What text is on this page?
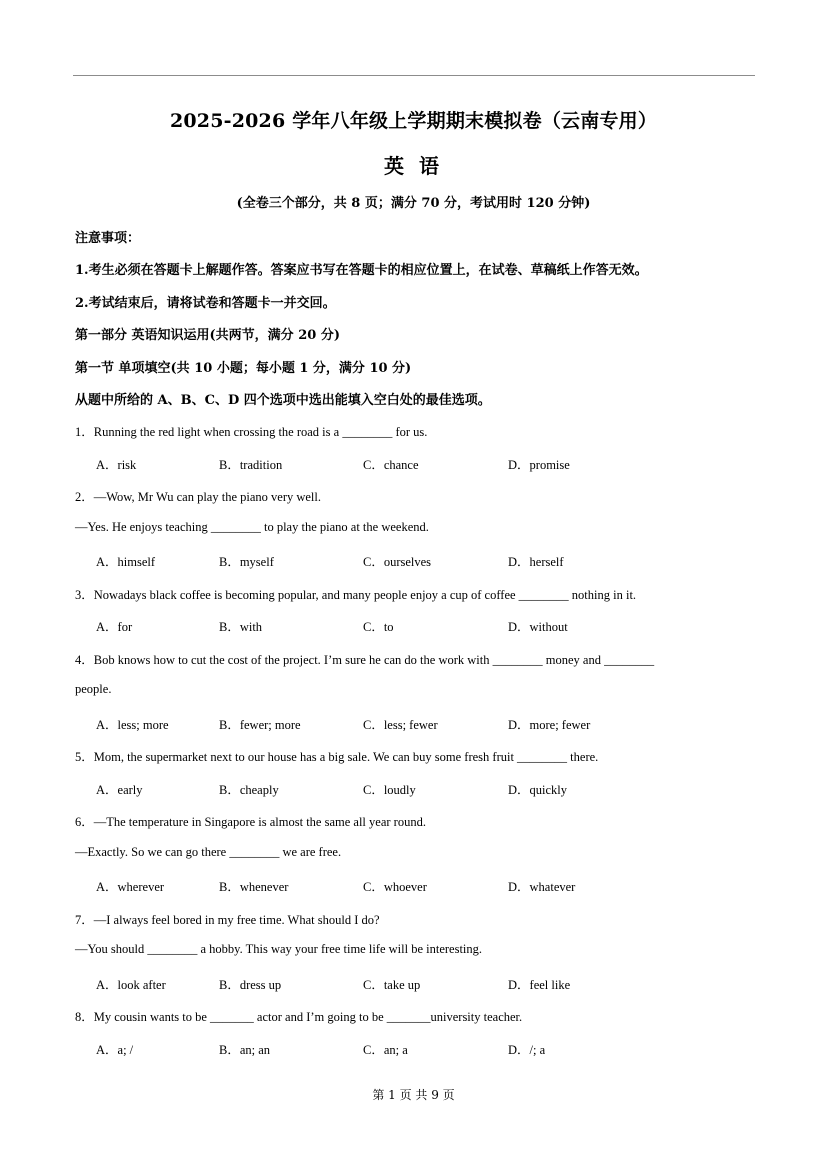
2025-2026 学年八年级上学期期末模拟卷（云南专用）
英 语
(全卷三个部分，共 8 页；满分 70 分，考试用时 120 分钟)
注意事项：
1.考生必须在答题卡上解题作答。答案应书写在答题卡的相应位置上，在试卷、草稿纸上作答无效。
2.考试结束后，请将试卷和答题卡一并交回。
第一部分 英语知识运用(共两节，满分 20 分)
第一节 单项填空(共 10 小题；每小题 1 分，满分 10 分)
从题中所给的 A、B、C、D 四个选项中选出能填入空白处的最佳选项。
1．Running the red light when crossing the road is a ________ for us.
A．risk	B．tradition	C．chance	D．promise
2．—Wow, Mr Wu can play the piano very well.
—Yes. He enjoys teaching ________ to play the piano at the weekend.
A．himself	B．myself	C．ourselves	D．herself
3．Nowadays black coffee is becoming popular, and many people enjoy a cup of coffee ________ nothing in it.
A．for	B．with	C．to	D．without
4．Bob knows how to cut the cost of the project. I’m sure he can do the work with ________ money and ________
people.
A．less; more	B．fewer; more	C．less; fewer	D．more; fewer
5．Mom, the supermarket next to our house has a big sale. We can buy some fresh fruit ________ there.
A．early	B．cheaply	C．loudly	D．quickly
6．—The temperature in Singapore is almost the same all year round.
—Exactly. So we can go there ________ we are free.
A．wherever	B．whenever	C．whoever	D．whatever
7．—I always feel bored in my free time. What should I do?
—You should ________ a hobby. This way your free time life will be interesting.
A．look after	B．dress up	C．take up	D．feel like
8．My cousin wants to be _______ actor and I’m going to be _______university teacher.
A．a; /	B．an; an	C．an; a	D．/; a
第 1 页 共 9 页
